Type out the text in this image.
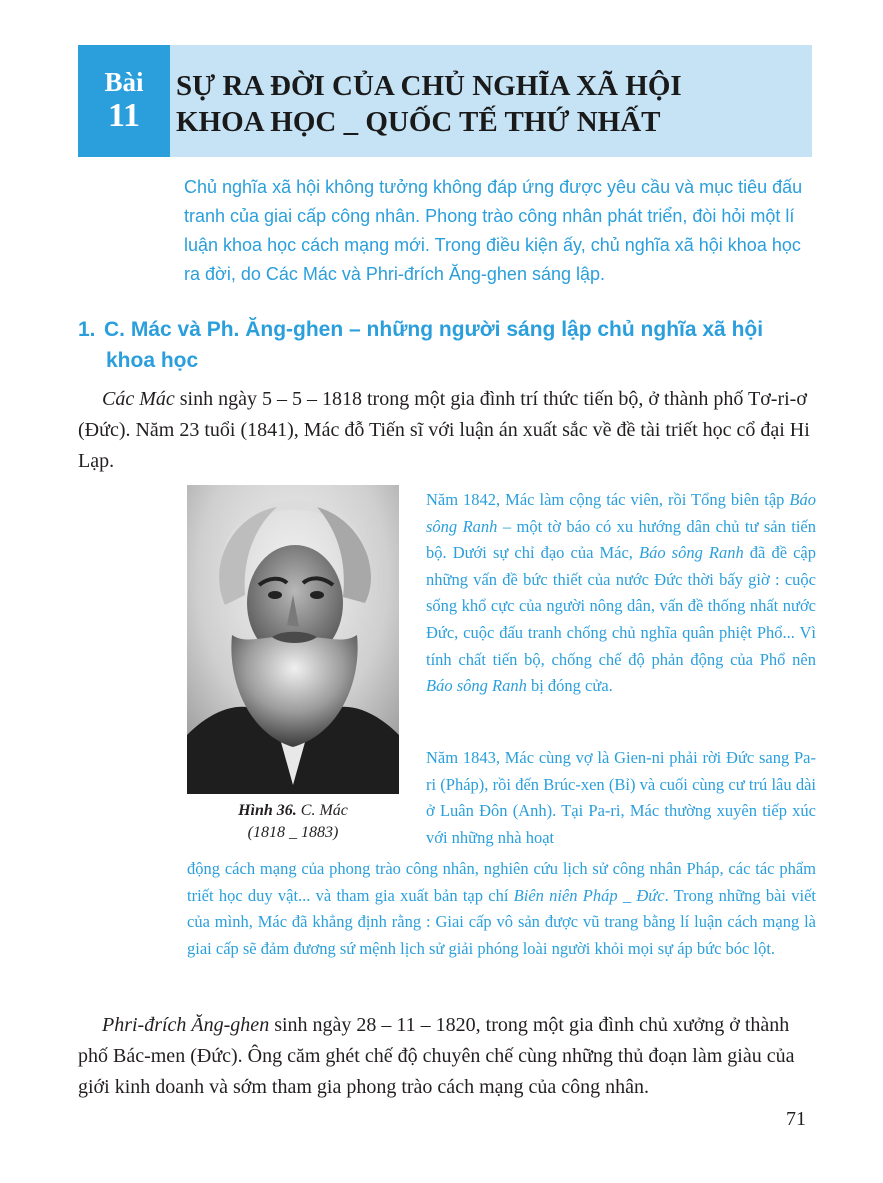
Bài
11
SỰ RA ĐỜI CỦA CHỦ NGHĨA XÃ HỘI
KHOA HỌC _ QUỐC TẾ THỨ NHẤT

Chủ nghĩa xã hội không tưởng không đáp ứng được yêu cầu và mục tiêu đấu tranh của giai cấp công nhân. Phong trào công nhân phát triển, đòi hỏi một lí luận khoa học cách mạng mới. Trong điều kiện ấy, chủ nghĩa xã hội khoa học ra đời, do Các Mác và Phri-đrích Ăng-ghen sáng lập.

1. C. Mác và Ph. Ăng-ghen – những người sáng lập chủ nghĩa xã hội
khoa học

Các Mác sinh ngày 5 – 5 – 1818 trong một gia đình trí thức tiến bộ, ở thành phố Tơ-ri-ơ (Đức). Năm 23 tuổi (1841), Mác đỗ Tiến sĩ với luận án xuất sắc về đề tài triết học cổ đại Hi Lạp.

Hình 36. C. Mác
(1818 _ 1883)

Năm 1842, Mác làm cộng tác viên, rồi Tổng biên tập Báo sông Ranh – một tờ báo có xu hướng dân chủ tư sản tiến bộ. Dưới sự chỉ đạo của Mác, Báo sông Ranh đã đề cập những vấn đề bức thiết của nước Đức thời bấy giờ : cuộc sống khổ cực của người nông dân, vấn đề thống nhất nước Đức, cuộc đấu tranh chống chủ nghĩa quân phiệt Phổ... Vì tính chất tiến bộ, chống chế độ phản động của Phổ nên Báo sông Ranh bị đóng cửa.

Năm 1843, Mác cùng vợ là Gien-ni phải rời Đức sang Pa-ri (Pháp), rồi đến Brúc-xen (Bỉ) và cuối cùng cư trú lâu dài ở Luân Đôn (Anh). Tại Pa-ri, Mác thường xuyên tiếp xúc với những nhà hoạt

động cách mạng của phong trào công nhân, nghiên cứu lịch sử công nhân Pháp, các tác phẩm triết học duy vật... và tham gia xuất bản tạp chí Biên niên Pháp _ Đức. Trong những bài viết của mình, Mác đã khẳng định rằng : Giai cấp vô sản được vũ trang bằng lí luận cách mạng là giai cấp sẽ đảm đương sứ mệnh lịch sử giải phóng loài người khỏi mọi sự áp bức bóc lột.

Phri-đrích Ăng-ghen sinh ngày 28 – 11 – 1820, trong một gia đình chủ xưởng ở thành phố Bác-men (Đức). Ông căm ghét chế độ chuyên chế cùng những thủ đoạn làm giàu của giới kinh doanh và sớm tham gia phong trào cách mạng của công nhân.

71
